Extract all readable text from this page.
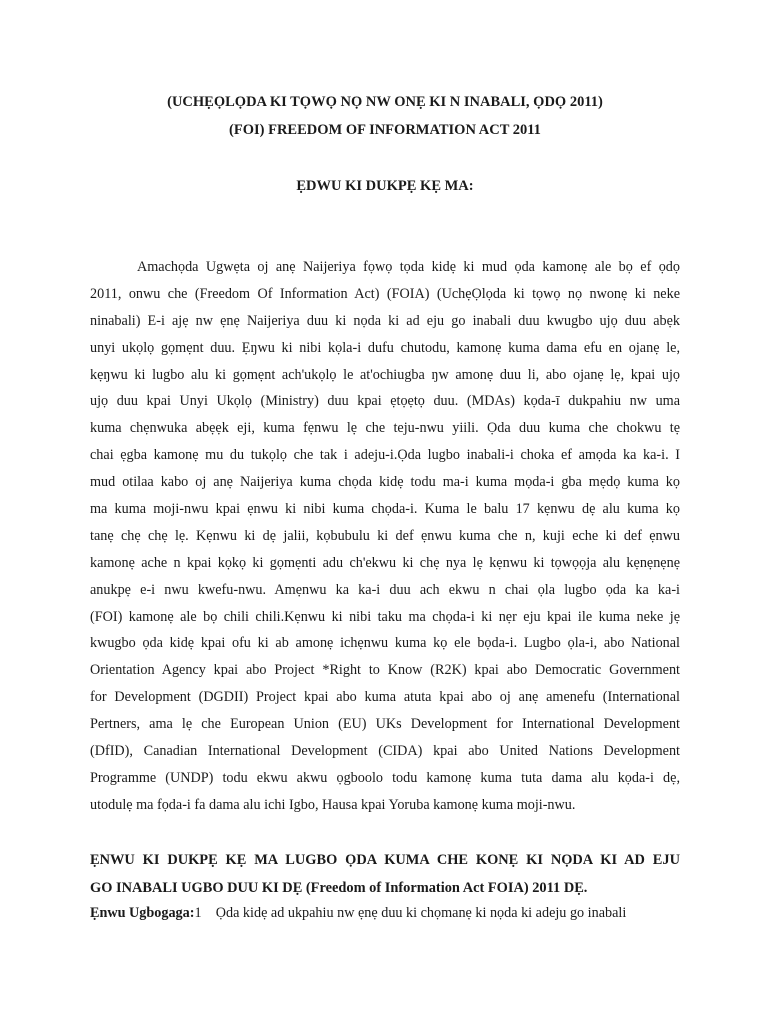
(UCHẸỌLỌDA KI TỌWỌ NỌ NW ONẸ KI N INABALI, ỌDỌ 2011)
(FOI) FREEDOM OF INFORMATION ACT 2011
ẸDWU KI DUKPẸ KẸ MA:
Amachọda Ugwẹta oj anẹ Naijeriya fọwọ tọda kidẹ ki mud ọda kamonẹ ale bọ ef ọdọ
2011, onwu che (Freedom Of Information Act) (FOIA) (UchẹỌlọda ki tọwọ nọ nwonẹ ki neke
ninabali) E-i ajẹ nw ẹnẹ Naijeriya duu ki nọda ki ad eju go inabali duu kwugbo ujọ duu abẹk
unyi ukọlọ gọmẹnt duu. Ẹŋwu ki nibi kọla-i dufu chutodu, kamonẹ kuma dama efu en ojanẹ le,
kẹŋwu ki lugbo alu ki gọmẹnt ach'ukọlọ le at'ochiugba ŋw amonẹ duu li, abo ojanẹ lẹ, kpai ujọ
ujọ duu kpai Unyi Ukọlọ (Ministry) duu kpai ẹtọẹtọ duu. (MDAs) kọda-ī dukpahiu nw uma
kuma chẹnwuka abẹẹk eji, kuma fẹnwu lẹ che teju-nwu yiili. Ọda duu kuma che chokwu tẹ
chai ẹgba kamonẹ mu du tukọlọ che tak i adeju-i.Ọda lugbo inabali-i choka ef amọda ka ka-i. I
mud otilaa kabo oj anẹ Naijeriya kuma chọda kidẹ todu ma-i kuma mọda-i gba mẹdọ kuma kọ
ma kuma moji-nwu kpai ẹnwu ki nibi kuma chọda-i. Kuma le balu 17 kẹnwu dẹ alu kuma kọ
tanẹ chẹ chẹ lẹ. Kẹnwu ki dẹ jalii, kọbubulu ki def ẹnwu kuma che n, kuji eche ki def ẹnwu
kamonẹ ache n kpai kọkọ ki gọmẹnti adu ch'ekwu ki chẹ nya lẹ kẹnwu ki tọwọọja alu kẹnẹnẹnẹ
anukpẹ e-i nwu kwefu-nwu. Amẹnwu ka ka-i duu ach ekwu n chai ọla lugbo ọda ka ka-i
(FOI) kamonẹ ale bọ chili chili.Kẹnwu ki nibi taku ma chọda-i ki nẹr eju kpai ile kuma neke jẹ
kwugbo ọda kidẹ kpai ofu ki ab amonẹ ichẹnwu kuma kọ ele bọda-i. Lugbo ọla-i, abo National
Orientation Agency kpai abo Project *Right to Know (R2K) kpai abo Democratic Government
for Development (DGDII) Project kpai abo kuma atuta kpai abo oj anẹ amenefu (International
Pertners, ama lẹ che European Union (EU) UKs Development for International Development
(DfID), Canadian International Development (CIDA) kpai abo United Nations Development
Programme (UNDP) todu ekwu akwu ọgboolo todu kamonẹ kuma tuta dama alu kọda-i dẹ,
utodulẹ ma fọda-i fa dama alu ichi Igbo, Hausa kpai Yoruba kamonẹ kuma moji-nwu.
ẸNWU KI DUKPẸ KẸ MA LUGBO ỌDA KUMA CHE KONẸ KI NỌDA KI AD EJU
GO INABALI UGBO DUU KI DẸ (Freedom of Information Act FOIA) 2011 DẸ.
Ẹnwu Ugbogaga:1 Ọda kidẹ ad ukpahiu nw ẹnẹ duu ki chọmanẹ ki nọda ki adeju go inabali
